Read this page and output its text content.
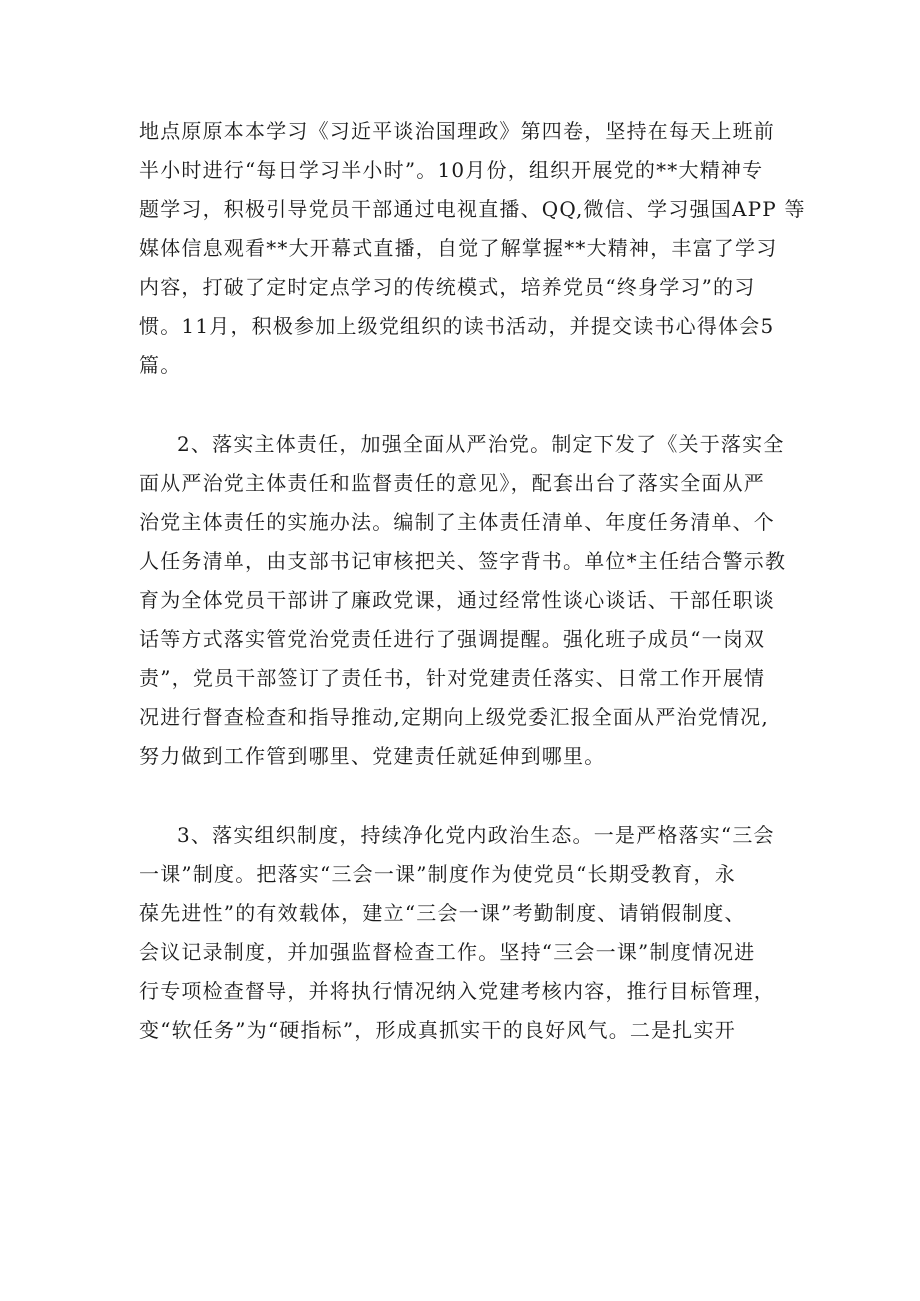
地点原原本本学习《习近平谈治国理政》第四卷，坚持在每天上班前
半小时进行“每日学习半小时”。10月份，组织开展党的**大精神专
题学习，积极引导党员干部通过电视直播、QQ,微信、学习强国APP 等
媒体信息观看**大开幕式直播，自觉了解掌握**大精神，丰富了学习
内容，打破了定时定点学习的传统模式，培养党员“终身学习”的习
惯。11月，积极参加上级党组织的读书活动，并提交读书心得体会5
篇。
2、落实主体责任，加强全面从严治党。制定下发了《关于落实全
面从严治党主体责任和监督责任的意见》，配套出台了落实全面从严
治党主体责任的实施办法。编制了主体责任清单、年度任务清单、个
人任务清单，由支部书记审核把关、签字背书。单位*主任结合警示教
育为全体党员干部讲了廉政党课，通过经常性谈心谈话、干部任职谈
话等方式落实管党治党责任进行了强调提醒。强化班子成员“一岗双
责”，党员干部签订了责任书，针对党建责任落实、日常工作开展情
况进行督查检查和指导推动,定期向上级党委汇报全面从严治党情况,
努力做到工作管到哪里、党建责任就延伸到哪里。
3、落实组织制度，持续净化党内政治生态。一是严格落实“三会
一课”制度。把落实“三会一课”制度作为使党员“长期受教育，永
葆先进性”的有效载体，建立“三会一课”考勤制度、请销假制度、
会议记录制度，并加强监督检查工作。坚持“三会一课”制度情况进
行专项检查督导，并将执行情况纳入党建考核内容，推行目标管理，
变“软任务”为“硬指标”，形成真抓实干的良好风气。二是扎实开
